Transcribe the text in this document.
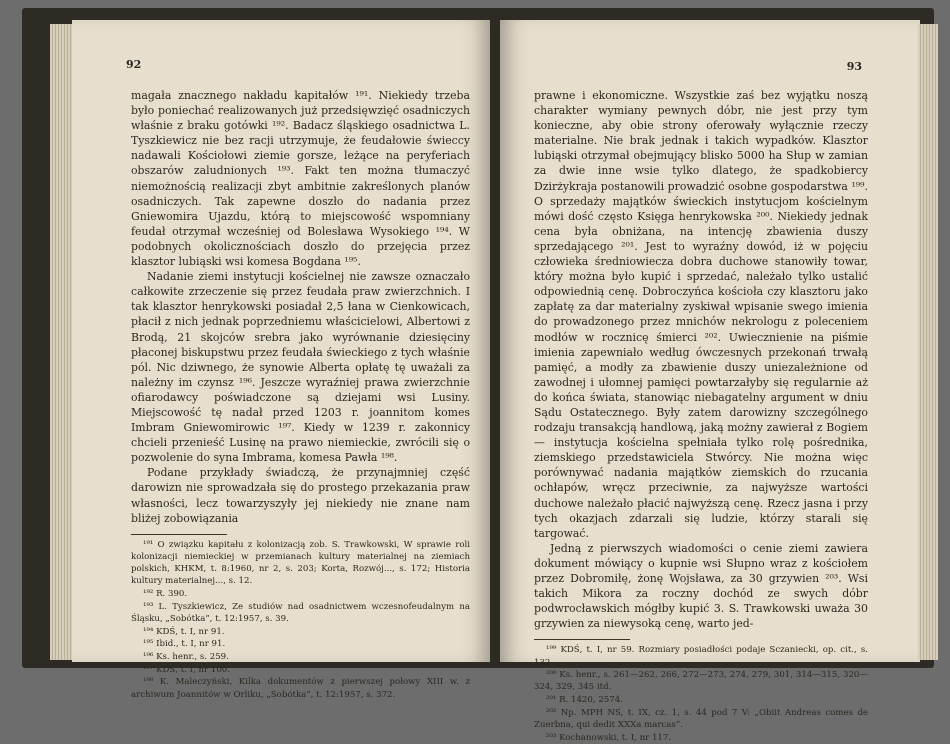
92

magała znacznego nakładu kapitałów ¹⁹¹. Niekiedy trzeba było poniechać realizowanych już przedsięwzięć osadniczych właśnie z braku gotówki ¹⁹². Badacz śląskiego osadnictwa L. Tyszkiewicz nie bez racji utrzymuje, że feudałowie świeccy nadawali Kościołowi ziemie gorsze, leżące na peryferiach obszarów zaludnionych ¹⁹³. Fakt ten można tłumaczyć niemożnością realizacji zbyt ambitnie zakreślonych planów osadniczych. Tak zapewne doszło do nadania przez Gniewomira Ujazdu, którą to miejscowość wspomniany feudał otrzymał wcześniej od Bolesława Wysokiego ¹⁹⁴. W podobnych okolicznościach doszło do przejęcia przez klasztor lubiąski wsi komesa Bogdana ¹⁹⁵.

Nadanie ziemi instytucji kościelnej nie zawsze oznaczało całkowite zrzeczenie się przez feudała praw zwierzchnich. I tak klasztor henrykowski posiadał 2,5 łana w Cienkowicach, płacił z nich jednak poprzedniemu właścicielowi, Albertowi z Brodą, 21 skojców srebra jako wyrównanie dziesięciny płaconej biskupstwu przez feudała świeckiego z tych właśnie pól. Nic dziwnego, że synowie Alberta opłatę tę uważali za należny im czynsz ¹⁹⁶. Jeszcze wyraźniej prawa zwierzchnie ofiarodawcy poświadczone są dziejami wsi Lusiny. Miejscowość tę nadał przed 1203 r. joannitom komes Imbram Gniewomirowic ¹⁹⁷. Kiedy w 1239 r. zakonnicy chcieli przenieść Lusinę na prawo niemieckie, zwrócili się o pozwolenie do syna Imbrama, komesa Pawła ¹⁹⁸.

Podane przykłady świadczą, że przynajmniej część darowizn nie sprowadzała się do prostego przekazania praw własności, lecz towarzyszyły jej niekiedy nie znane nam bliżej zobowiązania

¹⁹¹ O związku kapitału z kolonizacją zob. S. Trawkowski, W sprawie roli kolonizacji niemieckiej w przemianach kultury materialnej na ziemiach polskich, KHKM, t. 8:1960, nr 2, s. 203; Korta, Rozwój..., s. 172; Historia kultury materialnej..., s. 12.

¹⁹² R. 390.

¹⁹³ L. Tyszkiewicz, Ze studiów nad osadnictwem wczesnofeudalnym na Śląsku, „Sobótka”, t. 12:1957, s. 39.

¹⁹⁴ KDŚ, t. I, nr 91.

¹⁹⁵ Ibid., t. I, nr 91.

¹⁹⁶ Ks. henr., s. 259.

¹⁹⁷ KDŚ, t. I, nr 100.

¹⁹⁸ K. Maleczyński, Kilka dokumentów z pierwszej połowy XIII w. z archiwum Joannitów w Orliku, „Sobótka”, t. 12:1957, s. 372.

93

prawne i ekonomiczne. Wszystkie zaś bez wyjątku noszą charakter wymiany pewnych dóbr, nie jest przy tym konieczne, aby obie strony oferowały wyłącznie rzeczy materialne. Nie brak jednak i takich wypadków. Klasztor lubiąski otrzymał obejmujący blisko 5000 ha Słup w zamian za dwie inne wsie tylko dlatego, że spadkobiercy Dzirżykraja postanowili prowadzić osobne gospodarstwa ¹⁹⁹. O sprzedaży majątków świeckich instytucjom kościelnym mówi dość często Księga henrykowska ²⁰⁰. Niekiedy jednak cena była obniżana, na intencję zbawienia duszy sprzedającego ²⁰¹. Jest to wyraźny dowód, iż w pojęciu człowieka średniowiecza dobra duchowe stanowiły towar, który można było kupić i sprzedać, należało tylko ustalić odpowiednią cenę. Dobroczyńca kościoła czy klasztoru jako zapłatę za dar materialny zyskiwał wpisanie swego imienia do prowadzonego przez mnichów nekrologu z poleceniem modłów w rocznicę śmierci ²⁰². Uwiecznienie na piśmie imienia zapewniało według ówczesnych przekonań trwałą pamięć, a modły za zbawienie duszy uniezależnione od zawodnej i ułomnej pamięci powtarzałyby się regularnie aż do końca świata, stanowiąc niebagatelny argument w dniu Sądu Ostatecznego. Były zatem darowizny szczególnego rodzaju transakcją handlową, jaką możny zawierał z Bogiem — instytucja kościelna spełniała tylko rolę pośrednika, ziemskiego przedstawiciela Stwórcy. Nie można więc porównywać nadania majątków ziemskich do rzucania ochłapów, wręcz przeciwnie, za najwyższe wartości duchowe należało płacić najwyższą cenę. Rzecz jasna i przy tych okazjach zdarzali się ludzie, którzy starali się targować.

Jedną z pierwszych wiadomości o cenie ziemi zawiera dokument mówiący o kupnie wsi Słupno wraz z kościołem przez Dobromiłę, żonę Wojsława, za 30 grzywien ²⁰³. Wsi takich Mikora za roczny dochód ze swych dóbr podwrocławskich mógłby kupić 3. S. Trawkowski uważa 30 grzywien za niewysoką cenę, warto jed-

¹⁹⁹ KDŚ, t. I, nr 59. Rozmiary posiadłości podaje Sczaniecki, op. cit., s. 132.

²⁰⁰ Ks. henr., s. 261—262, 266, 272—273, 274, 279, 301, 314—315, 320—324, 329, 345 itd.

²⁰¹ R. 1420, 2574.

²⁰² Np. MPH NS, t. IX, cz. 1, s. 44 pod 7 V: „Obiit Andreas comes de Zuerbna, qui dedit XXXa marcas”.

²⁰³ Kochanowski, t. I, nr 117.
